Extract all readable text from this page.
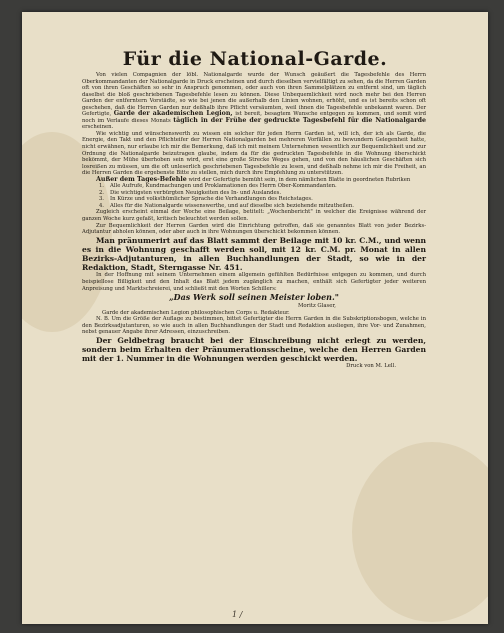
Für die National-Garde.

Von vielen Compagnien der löbl. Nationalgarde wurde der Wunsch geäußert die Tagesbefehle des Herrn Oberkommandanten der Nationalgarde in Druck erscheinen und durch dieselben vervielfältigt zu sehen, da die Herren Garden oft von ihren Geschäften so sehr in Anspruch genommen, oder auch von ihren Sammelplätzen zu entfernt sind, um täglich daselbst die bloß geschriebenen Tagesbefehle lesen zu können. Diese Unbequemlichkeit wird noch mehr bei den Herren Garden der entferntern Vorstädte, so wie bei jenen die außerhalb den Linien wohnen, erhöht, und es ist bereits schon oft geschehen, daß die Herren Garden nur deßhalb ihre Pflicht versäumten, weil ihnen die Tagesbefehle unbekannt waren. Der Gefertigte, Garde der akademischen Legion, ist bereit, besagtem Wunsche entgegen zu kommen, und somit wird noch im Verlaufe dieses Monats täglich in der Frühe der gedruckte Tagesbefehl für die Nationalgarde erscheinen.

Wie wichtig und wünschenswerth zu wissen ein solcher für jeden Herrn Garden ist, will ich, der ich als Garde, die Energie, den Takt und den Pflichteifer der Herren Nationalgarden bei mehreren Vorfällen zu bewundern Gelegenheit hatte, nicht erwähnen, nur erlaube ich mir die Bemerkung, daß ich mit meinem Unternehmen wesentlich zur Bequemlichkeit und zur Ordnung die Nationalgarde beizutragen glaube, indem da für die gedruckten Tagesbefehle in die Wohnung überschickt bekömmt, der Mühe überhoben sein wird, erst eine große Strecke Weges gehen, und von den häuslichen Geschäften sich losreißen zu müssen, um die oft unleserlich geschriebenen Tagesbefehle zu lesen, und deßhalb nehme ich mir die Freiheit, an die Herren Garden die ergebenste Bitte zu stellen, mich durch ihre Empfehlung zu unterstützen.

Außer dem Tages-Befehle wird der Gefertigte bemüht sein, in dem nämlichen Blatte in geordneten Rubriken

1.	Alle Aufrufe, Kundmachungen und Proklamationen des Herrn Ober-Kommandanten.
2.	Die wichtigsten verbürgten Neuigkeiten des In- und Auslandes.
3.	In Kürze und volksthümlicher Sprache die Verhandlungen des Reichstages.
4.	Alles für die Nationalgarde wissenswerthe, und auf dieselbe sich beziehende mitzutheilen.

Zugleich erscheint einmal der Woche eine Beilage, betitelt: „Wochenbericht" in welcher die Ereignisse während der ganzen Woche kurz gefaßt, kritisch beleuchtet werden sollen.

Zur Bequemlichkeit der Herren Garden wird die Einrichtung getroffen, daß sie genanntes Blatt von jeder Bezirks-Adjutantur abholen können, oder aber auch in ihre Wohnungen überschickt bekommen können.

Man pränumerirt auf das Blatt sammt der Beilage mit 10 kr. C.M., und wenn es in die Wohnung geschafft werden soll, mit 12 kr. C.M. pr. Monat in allen Bezirks-Adjutanturen, in allen Buchhandlungen der Stadt, so wie in der Redaktion, Stadt, Sterngasse Nr. 451.

In der Hoffnung mit seinem Unternehmen einem allgemein gefühlten Bedürfnisse entgegen zu kommen, und durch beispiellose Billigkeit und den Inhalt das Blatt jedem zugänglich zu machen, enthält sich Gefertigter jeder weiteren Anpreisung und Marktschreierei, und schließt mit den Worten Schillers:

„Das Werk soll seinen Meister loben."

Moritz Glaser,

Garde der akademischen Legion philosophischen Corps u. Redakteur.

N. B. Um die Größe der Auflage zu bestimmen, bittet Gefertigter die Herrn Garden in die Subskriptionsbogen, welche in den Bezirksadjutanturen, so wie auch in allen Buchhandlungen der Stadt und Redaktion ausliegen, ihre Vor- und Zunahmen, nebst genauer Angabe ihrer Adressen, einzuschreiben.

Der Geldbetrag braucht bei der Einschreibung nicht erlegt zu werden, sondern beim Erhalten der Pränumerationsscheine, welche den Herren Garden mit der 1. Nummer in die Wohnungen werden geschickt werden.

Druck von M. Lell.

1 /
